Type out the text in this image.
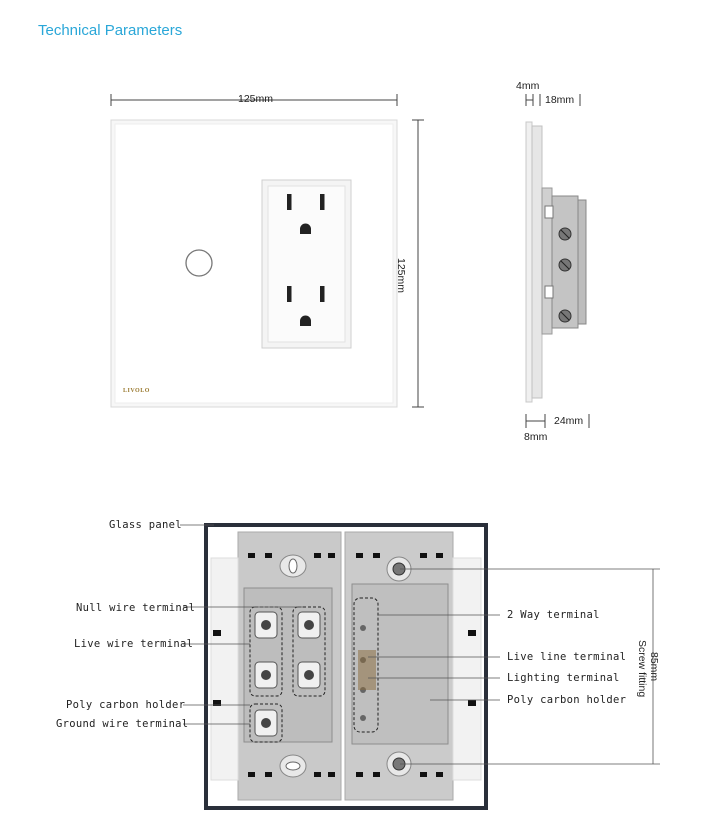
Technical Parameters
125mm
125mm
LIVOLO
4mm
18mm
24mm
8mm
Glass panel
Null wire terminal
Live wire terminal
Poly carbon holder
Ground wire terminal
2 Way terminal
Live line terminal
Lighting terminal
Poly carbon holder
85mm
Screw fitting
